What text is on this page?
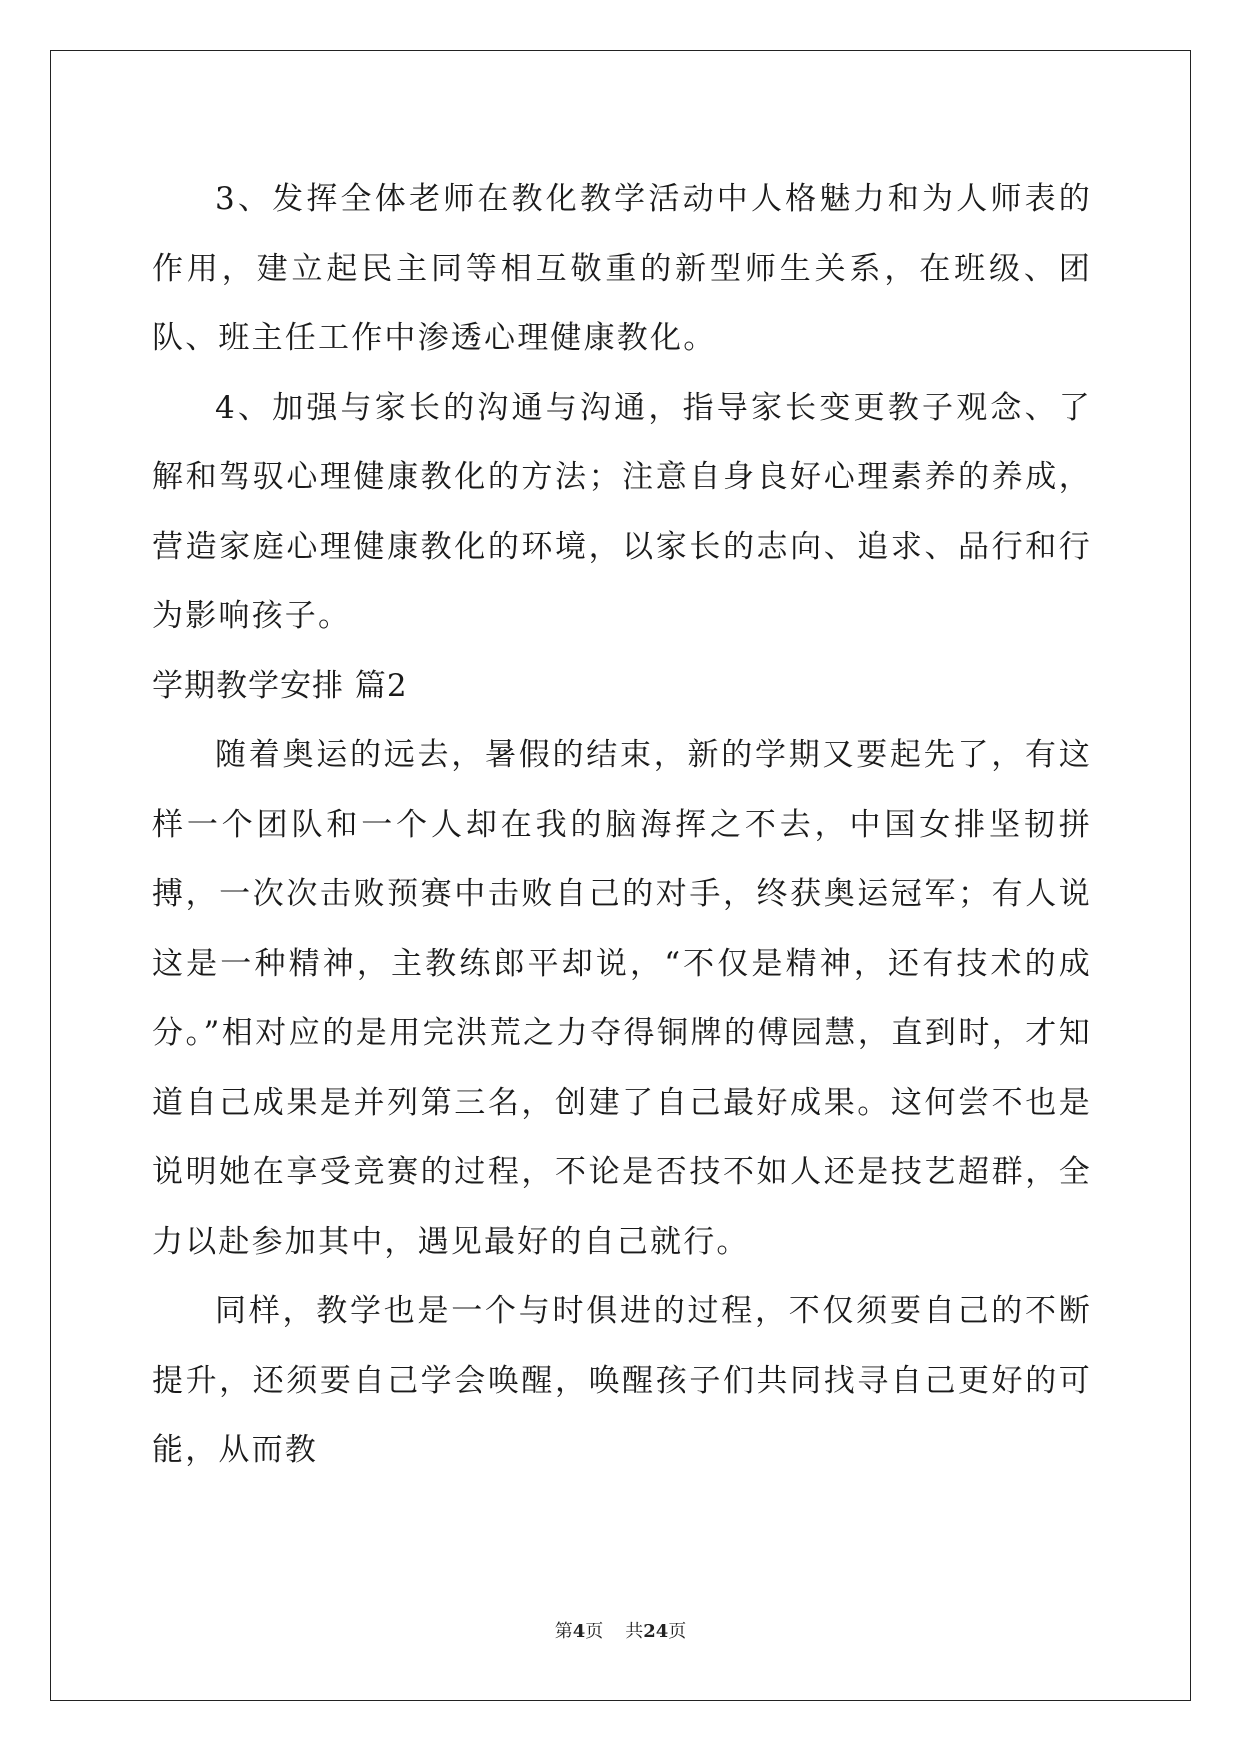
3、发挥全体老师在教化教学活动中人格魅力和为人师表的作用，建立起民主同等相互敬重的新型师生关系，在班级、团队、班主任工作中渗透心理健康教化。

4、加强与家长的沟通与沟通，指导家长变更教子观念、了解和驾驭心理健康教化的方法；注意自身良好心理素养的养成，营造家庭心理健康教化的环境，以家长的志向、追求、品行和行为影响孩子。

学期教学安排 篇2

随着奥运的远去，暑假的结束，新的学期又要起先了，有这样一个团队和一个人却在我的脑海挥之不去，中国女排坚韧拼搏，一次次击败预赛中击败自己的对手，终获奥运冠军；有人说这是一种精神，主教练郎平却说，“不仅是精神，还有技术的成分。”相对应的是用完洪荒之力夺得铜牌的傅园慧，直到时，才知道自己成果是并列第三名，创建了自己最好成果。这何尝不也是说明她在享受竞赛的过程，不论是否技不如人还是技艺超群，全力以赴参加其中，遇见最好的自己就行。

同样，教学也是一个与时俱进的过程，不仅须要自己的不断提升，还须要自己学会唤醒，唤醒孩子们共同找寻自己更好的可能，从而教

第4页 共24页
